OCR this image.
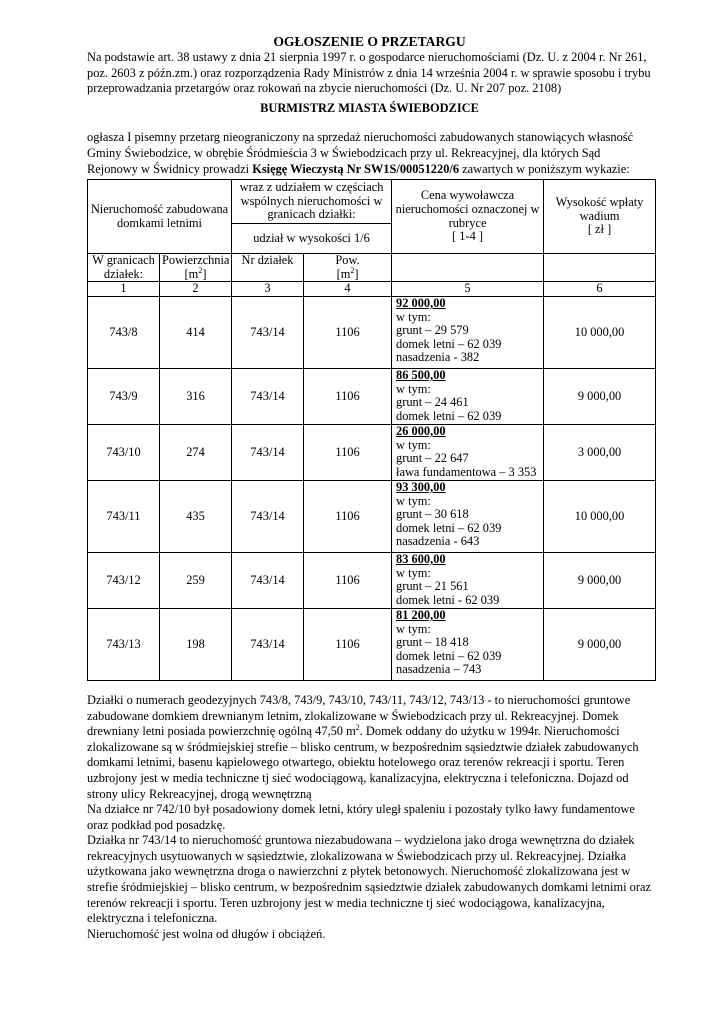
OGŁOSZENIE O PRZETARGU

Na podstawie art. 38 ustawy z dnia 21 sierpnia 1997 r. o gospodarce nieruchomościami (Dz. U. z 2004 r. Nr 261, poz. 2603 z późn.zm.) oraz rozporządzenia Rady Ministrów z dnia 14 września 2004 r. w sprawie sposobu i trybu przeprowadzania przetargów oraz rokowań na zbycie nieruchomości (Dz. U. Nr 207 poz. 2108)

BURMISTRZ MIASTA ŚWIEBODZICE

ogłasza I pisemny przetarg nieograniczony na sprzedaż nieruchomości zabudowanych stanowiących własność Gminy Świebodzice, w obrębie Śródmieścia 3 w Świebodzicach przy ul. Rekreacyjnej, dla których Sąd Rejonowy w Świdnicy prowadzi Księgę Wieczystą Nr SW1S/00051220/6 zawartych w poniższym wykazie:

Nieruchomość zabudowana domkami letnimi		wraz z udziałem w częściach wspólnych nieruchomości w granicach działki:		Cena wywoławcza nieruchomości oznaczonej w rubryce
[ 1-4 ]	Wysokość wpłaty wadium
[ zł ]
		udział w wysokości 1/6			
W granicach działek:	Powierzchnia
$[m^2]$	Nr działek	Pow.
$[m^2]$		
1	2	3	4	5	6
743/8	414	743/14	1106	92 000,00
w tym:
grunt – 29 579
domek letni – 62 039
nasadzenia - 382	10 000,00
743/9	316	743/14	1106	86 500,00
w tym:
grunt – 24 461
domek letni – 62 039	9 000,00
743/10	274	743/14	1106	26 000,00
w tym:
grunt – 22 647
ława fundamentowa – 3 353	3 000,00
743/11	435	743/14	1106	93 300,00
w tym:
grunt – 30 618
domek letni – 62 039
nasadzenia - 643	10 000,00
743/12	259	743/14	1106	83 600,00
w tym:
grunt – 21 561
domek letni - 62 039	9 000,00
743/13	198	743/14	1106	81 200,00
w tym:
grunt – 18 418
domek letni – 62 039
nasadzenia – 743	9 000,00

Działki o numerach geodezyjnych 743/8, 743/9, 743/10, 743/11, 743/12, 743/13 - to nieruchomości gruntowe zabudowane domkiem drewnianym letnim, zlokalizowane w Świebodzicach przy ul. Rekreacyjnej. Domek drewniany letni posiada powierzchnię ogólną 47,50 $m^2$. Domek oddany do użytku w 1994r. Nieruchomości zlokalizowane są w śródmiejskiej strefie – blisko centrum, w bezpośrednim sąsiedztwie działek zabudowanych domkami letnimi, basenu kąpielowego otwartego, obiektu hotelowego oraz terenów rekreacji i sportu. Teren uzbrojony jest w media techniczne tj sieć wodociągową, kanalizacyjna, elektryczna i telefoniczna. Dojazd od strony ulicy Rekreacyjnej, drogą wewnętrzną
Na działce nr 742/10 był posadowiony domek letni, który uległ spaleniu i pozostały tylko ławy fundamentowe oraz podkład pod posadzkę.
Działka nr 743/14 to nieruchomość gruntowa niezabudowana – wydzielona jako droga wewnętrzna do działek rekreacyjnych usytuowanych w sąsiedztwie, zlokalizowana w Świebodzicach przy ul. Rekreacyjnej. Działka użytkowana jako wewnętrzna droga o nawierzchni z płytek betonowych. Nieruchomość zlokalizowana jest w strefie śródmiejskiej – blisko centrum, w bezpośrednim sąsiedztwie działek zabudowanych domkami letnimi oraz terenów rekreacji i sportu. Teren uzbrojony jest w media techniczne tj sieć wodociągowa, kanalizacyjna, elektryczna i telefoniczna.
Nieruchomość jest wolna od długów i obciążeń.
